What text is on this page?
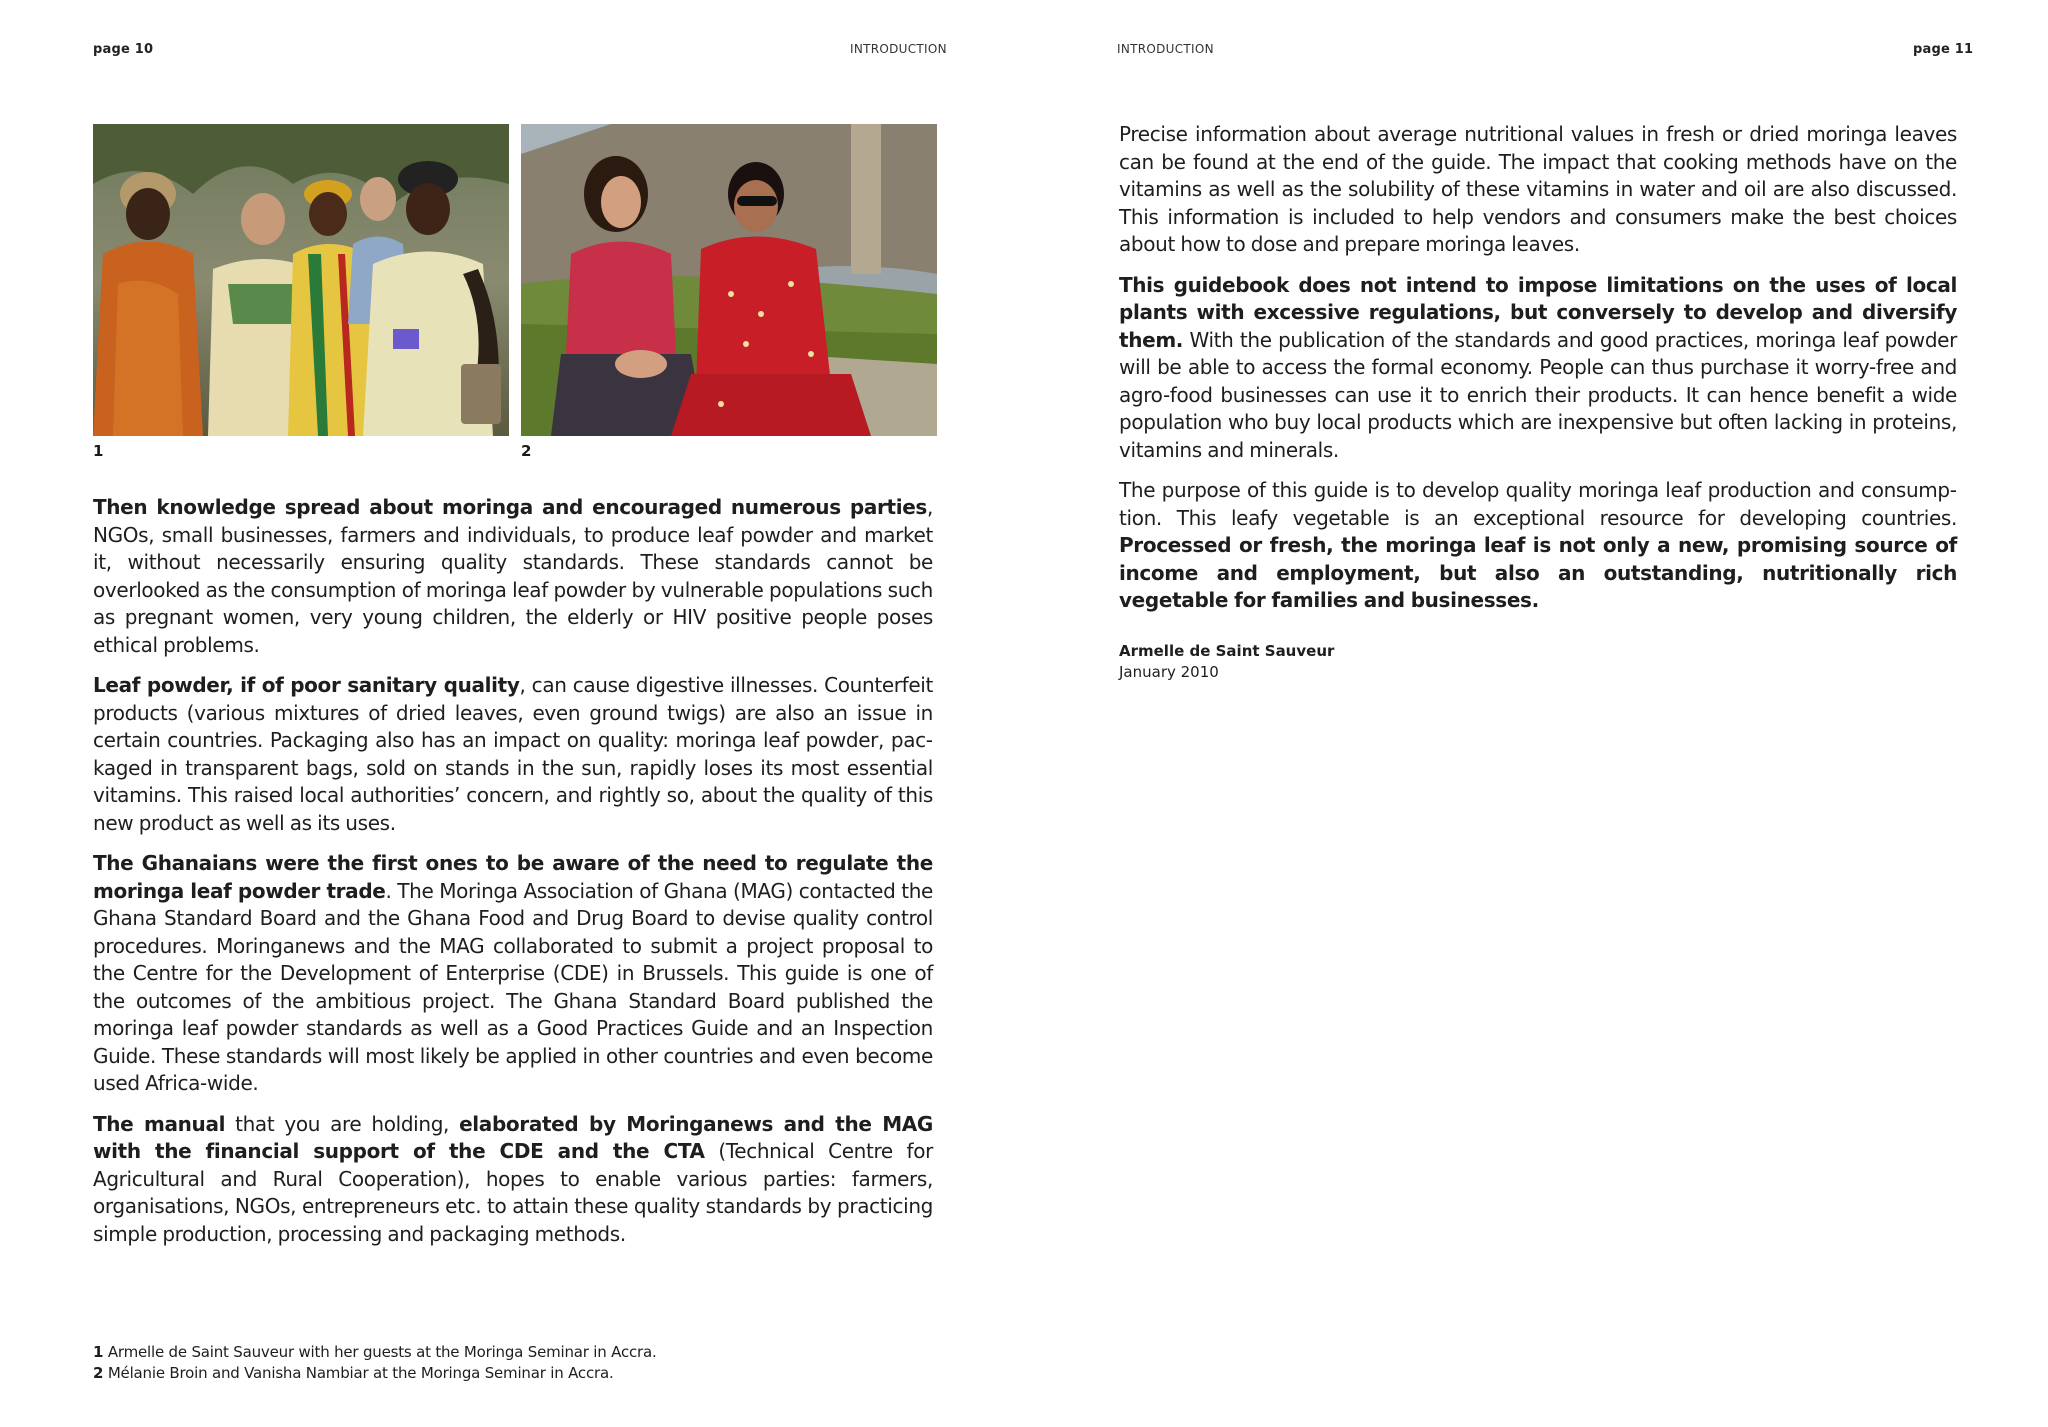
page 10	INTRODUCTION
1	2

Then knowledge spread about moringa and encouraged numerous parties, NGOs, small businesses, farmers and individuals, to produce leaf powder and market it, without necessarily ensuring quality standards. These standards cannot be overlooked as the consumption of moringa leaf powder by vulnerable populations such as pregnant women, very young children, the elderly or HIV positive people poses ethical problems.

Leaf powder, if of poor sanitary quality, can cause digestive illnesses. Counterfeit products (various mixtures of dried leaves, even ground twigs) are also an issue in certain countries. Packaging also has an impact on quality: moringa leaf powder, packaged in transparent bags, sold on stands in the sun, rapidly loses its most essential vitamins. This raised local authorities’ concern, and rightly so, about the quality of this new product as well as its uses.

The Ghanaians were the first ones to be aware of the need to regulate the moringa leaf powder trade. The Moringa Association of Ghana (MAG) contacted the Ghana Standard Board and the Ghana Food and Drug Board to devise quality control procedures. Moringanews and the MAG collaborated to submit a project proposal to the Centre for the Development of Enterprise (CDE) in Brussels. This guide is one of the outcomes of the ambitious project. The Ghana Standard Board published the moringa leaf powder standards as well as a Good Practices Guide and an Inspection Guide. These standards will most likely be applied in other countries and even become used Africa-wide.

The manual that you are holding, elaborated by Moringanews and the MAG with the financial support of the CDE and the CTA (Technical Centre for Agricultural and Rural Cooperation), hopes to enable various parties: farmers, organisations, NGOs, entrepreneurs etc. to attain these quality standards by practicing simple production, processing and packaging methods.

1 Armelle de Saint Sauveur with her guests at the Moringa Seminar in Accra.
2 Mélanie Broin and Vanisha Nambiar at the Moringa Seminar in Accra.
INTRODUCTION	page 11

Precise information about average nutritional values in fresh or dried moringa leaves can be found at the end of the guide. The impact that cooking methods have on the vitamins as well as the solubility of these vitamins in water and oil are also discussed. This information is included to help vendors and consumers make the best choices about how to dose and prepare moringa leaves.

This guidebook does not intend to impose limitations on the uses of local plants with excessive regulations, but conversely to develop and diversify them. With the publication of the standards and good practices, moringa leaf powder will be able to access the formal economy. People can thus purchase it worry-free and agro-food businesses can use it to enrich their products. It can hence benefit a wide population who buy local products which are inexpensive but often lacking in proteins, vitamins and minerals.

The purpose of this guide is to develop quality moringa leaf production and consumption. This leafy vegetable is an exceptional resource for developing countries. Processed or fresh, the moringa leaf is not only a new, promising source of income and employment, but also an outstanding, nutritionally rich vegetable for families and businesses.

Armelle de Saint Sauveur
January 2010
